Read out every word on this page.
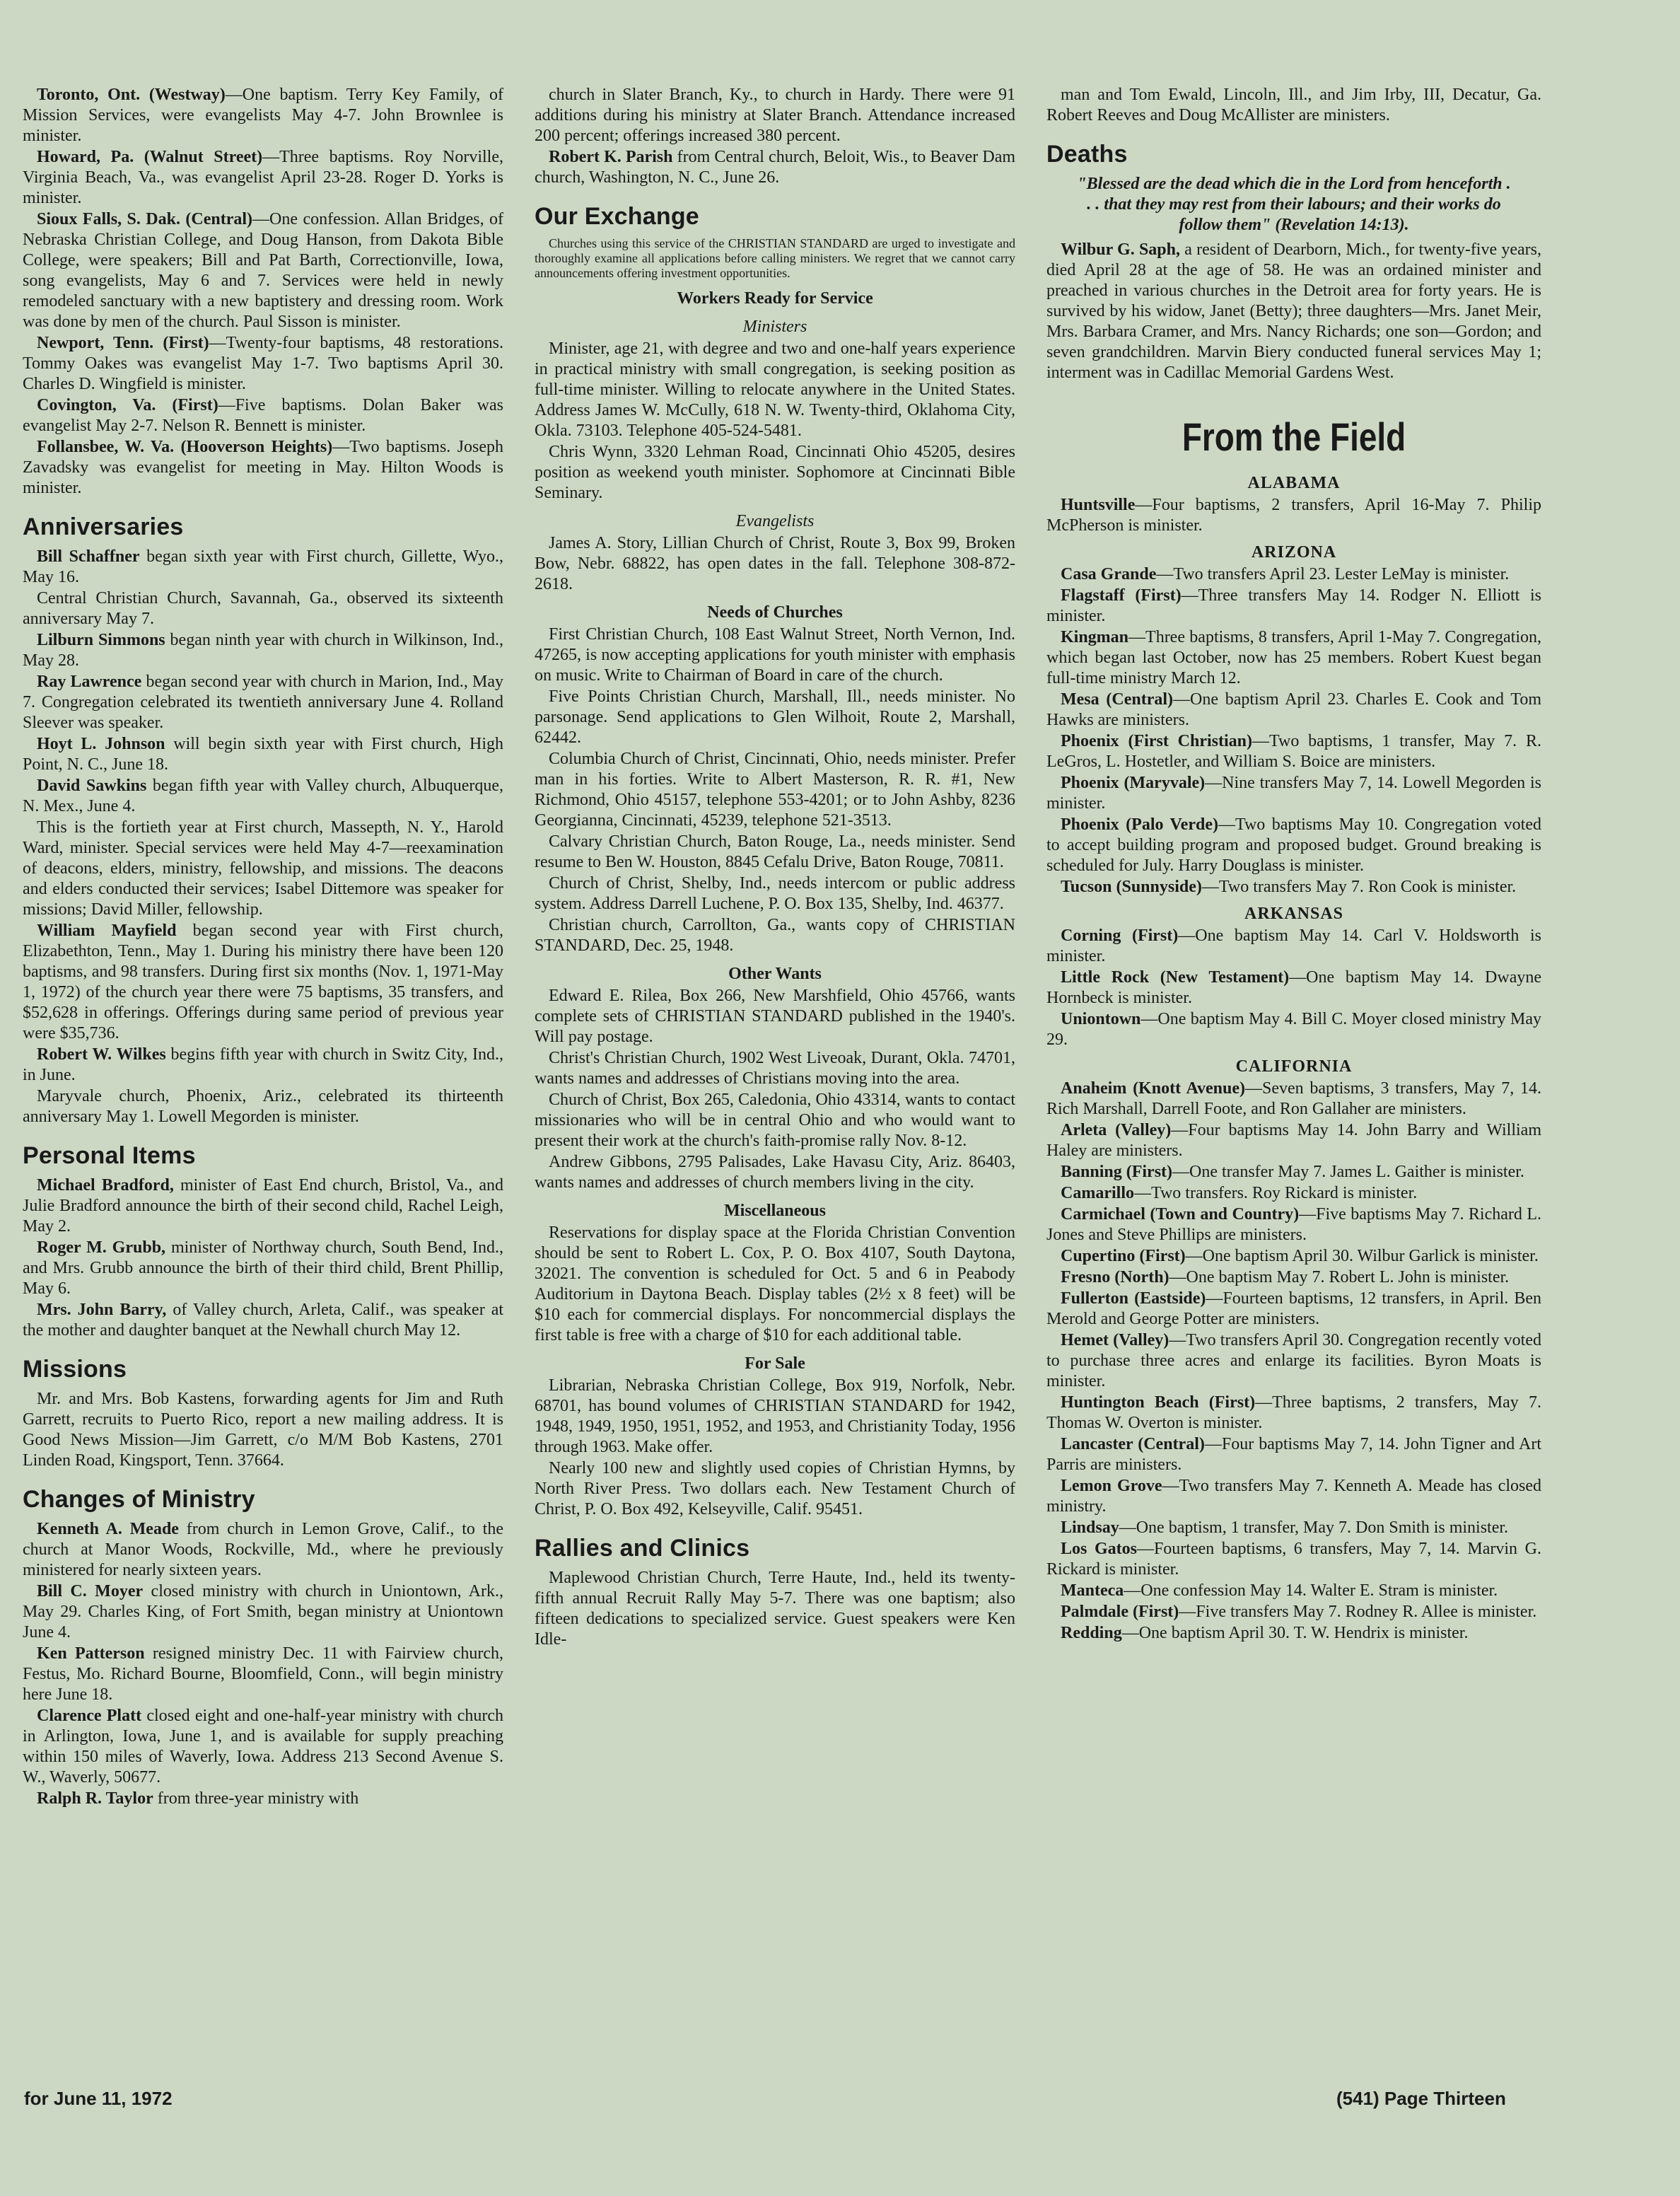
Toronto, Ont. (Westway)—One baptism. Terry Key Family, of Mission Services, were evangelists May 4-7. John Brownlee is minister.

Howard, Pa. (Walnut Street)—Three baptisms. Roy Norville, Virginia Beach, Va., was evangelist April 23-28. Roger D. Yorks is minister.

Sioux Falls, S. Dak. (Central)—One confession. Allan Bridges, of Nebraska Christian College, and Doug Hanson, from Dakota Bible College, were speakers; Bill and Pat Barth, Correctionville, Iowa, song evangelists, May 6 and 7. Services were held in newly remodeled sanctuary with a new baptistery and dressing room. Work was done by men of the church. Paul Sisson is minister.

Newport, Tenn. (First)—Twenty-four baptisms, 48 restorations. Tommy Oakes was evangelist May 1-7. Two baptisms April 30. Charles D. Wingfield is minister.

Covington, Va. (First)—Five baptisms. Dolan Baker was evangelist May 2-7. Nelson R. Bennett is minister.

Follansbee, W. Va. (Hooverson Heights)—Two baptisms. Joseph Zavadsky was evangelist for meeting in May. Hilton Woods is minister.

Anniversaries

Bill Schaffner began sixth year with First church, Gillette, Wyo., May 16.

Central Christian Church, Savannah, Ga., observed its sixteenth anniversary May 7.

Lilburn Simmons began ninth year with church in Wilkinson, Ind., May 28.

Ray Lawrence began second year with church in Marion, Ind., May 7. Congregation celebrated its twentieth anniversary June 4. Rolland Sleever was speaker.

Hoyt L. Johnson will begin sixth year with First church, High Point, N. C., June 18.

David Sawkins began fifth year with Valley church, Albuquerque, N. Mex., June 4.

This is the fortieth year at First church, Massepth, N. Y., Harold Ward, minister. Special services were held May 4-7—reexamination of deacons, elders, ministry, fellowship, and missions. The deacons and elders conducted their services; Isabel Dittemore was speaker for missions; David Miller, fellowship.

William Mayfield began second year with First church, Elizabethton, Tenn., May 1. During his ministry there have been 120 baptisms, and 98 transfers. During first six months (Nov. 1, 1971-May 1, 1972) of the church year there were 75 baptisms, 35 transfers, and $52,628 in offerings. Offerings during same period of previous year were $35,736.

Robert W. Wilkes begins fifth year with church in Switz City, Ind., in June.

Maryvale church, Phoenix, Ariz., celebrated its thirteenth anniversary May 1. Lowell Megorden is minister.

Personal Items

Michael Bradford, minister of East End church, Bristol, Va., and Julie Bradford announce the birth of their second child, Rachel Leigh, May 2.

Roger M. Grubb, minister of Northway church, South Bend, Ind., and Mrs. Grubb announce the birth of their third child, Brent Phillip, May 6.

Mrs. John Barry, of Valley church, Arleta, Calif., was speaker at the mother and daughter banquet at the Newhall church May 12.

Missions

Mr. and Mrs. Bob Kastens, forwarding agents for Jim and Ruth Garrett, recruits to Puerto Rico, report a new mailing address. It is Good News Mission—Jim Garrett, c/o M/M Bob Kastens, 2701 Linden Road, Kingsport, Tenn. 37664.

Changes of Ministry

Kenneth A. Meade from church in Lemon Grove, Calif., to the church at Manor Woods, Rockville, Md., where he previously ministered for nearly sixteen years.

Bill C. Moyer closed ministry with church in Uniontown, Ark., May 29. Charles King, of Fort Smith, began ministry at Uniontown June 4.

Ken Patterson resigned ministry Dec. 11 with Fairview church, Festus, Mo. Richard Bourne, Bloomfield, Conn., will begin ministry here June 18.

Clarence Platt closed eight and one-half-year ministry with church in Arlington, Iowa, June 1, and is available for supply preaching within 150 miles of Waverly, Iowa. Address 213 Second Avenue S. W., Waverly, 50677.

Ralph R. Taylor from three-year ministry with

church in Slater Branch, Ky., to church in Hardy. There were 91 additions during his ministry at Slater Branch. Attendance increased 200 percent; offerings increased 380 percent.

Robert K. Parish from Central church, Beloit, Wis., to Beaver Dam church, Washington, N. C., June 26.

Our Exchange

Churches using this service of the CHRISTIAN STANDARD are urged to investigate and thoroughly examine all applications before calling ministers. We regret that we cannot carry announcements offering investment opportunities.

Workers Ready for Service
Ministers

Minister, age 21, with degree and two and one-half years experience in practical ministry with small congregation, is seeking position as full-time minister. Willing to relocate anywhere in the United States. Address James W. McCully, 618 N. W. Twenty-third, Oklahoma City, Okla. 73103. Telephone 405-524-5481.

Chris Wynn, 3320 Lehman Road, Cincinnati Ohio 45205, desires position as weekend youth minister. Sophomore at Cincinnati Bible Seminary.

Evangelists

James A. Story, Lillian Church of Christ, Route 3, Box 99, Broken Bow, Nebr. 68822, has open dates in the fall. Telephone 308-872-2618.

Needs of Churches

First Christian Church, 108 East Walnut Street, North Vernon, Ind. 47265, is now accepting applications for youth minister with emphasis on music. Write to Chairman of Board in care of the church.

Five Points Christian Church, Marshall, Ill., needs minister. No parsonage. Send applications to Glen Wilhoit, Route 2, Marshall, 62442.

Columbia Church of Christ, Cincinnati, Ohio, needs minister. Prefer man in his forties. Write to Albert Masterson, R. R. #1, New Richmond, Ohio 45157, telephone 553-4201; or to John Ashby, 8236 Georgianna, Cincinnati, 45239, telephone 521-3513.

Calvary Christian Church, Baton Rouge, La., needs minister. Send resume to Ben W. Houston, 8845 Cefalu Drive, Baton Rouge, 70811.

Church of Christ, Shelby, Ind., needs intercom or public address system. Address Darrell Luchene, P. O. Box 135, Shelby, Ind. 46377.

Christian church, Carrollton, Ga., wants copy of CHRISTIAN STANDARD, Dec. 25, 1948.

Other Wants

Edward E. Rilea, Box 266, New Marshfield, Ohio 45766, wants complete sets of CHRISTIAN STANDARD published in the 1940's. Will pay postage.

Christ's Christian Church, 1902 West Liveoak, Durant, Okla. 74701, wants names and addresses of Christians moving into the area.

Church of Christ, Box 265, Caledonia, Ohio 43314, wants to contact missionaries who will be in central Ohio and who would want to present their work at the church's faith-promise rally Nov. 8-12.

Andrew Gibbons, 2795 Palisades, Lake Havasu City, Ariz. 86403, wants names and addresses of church members living in the city.

Miscellaneous

Reservations for display space at the Florida Christian Convention should be sent to Robert L. Cox, P. O. Box 4107, South Daytona, 32021. The convention is scheduled for Oct. 5 and 6 in Peabody Auditorium in Daytona Beach. Display tables (2½ x 8 feet) will be $10 each for commercial displays. For noncommercial displays the first table is free with a charge of $10 for each additional table.

For Sale

Librarian, Nebraska Christian College, Box 919, Norfolk, Nebr. 68701, has bound volumes of CHRISTIAN STANDARD for 1942, 1948, 1949, 1950, 1951, 1952, and 1953, and Christianity Today, 1956 through 1963. Make offer.

Nearly 100 new and slightly used copies of Christian Hymns, by North River Press. Two dollars each. New Testament Church of Christ, P. O. Box 492, Kelseyville, Calif. 95451.

Rallies and Clinics

Maplewood Christian Church, Terre Haute, Ind., held its twenty-fifth annual Recruit Rally May 5-7. There was one baptism; also fifteen dedications to specialized service. Guest speakers were Ken Idle-

man and Tom Ewald, Lincoln, Ill., and Jim Irby, III, Decatur, Ga. Robert Reeves and Doug McAllister are ministers.

Deaths

"Blessed are the dead which die in the Lord from henceforth . . . that they may rest from their labours; and their works do follow them" (Revelation 14:13).

Wilbur G. Saph, a resident of Dearborn, Mich., for twenty-five years, died April 28 at the age of 58. He was an ordained minister and preached in various churches in the Detroit area for forty years. He is survived by his widow, Janet (Betty); three daughters—Mrs. Janet Meir, Mrs. Barbara Cramer, and Mrs. Nancy Richards; one son—Gordon; and seven grandchildren. Marvin Biery conducted funeral services May 1; interment was in Cadillac Memorial Gardens West.

From the Field
ALABAMA

Huntsville—Four baptisms, 2 transfers, April 16-May 7. Philip McPherson is minister.

ARIZONA

Casa Grande—Two transfers April 23. Lester LeMay is minister.

Flagstaff (First)—Three transfers May 14. Rodger N. Elliott is minister.

Kingman—Three baptisms, 8 transfers, April 1-May 7. Congregation, which began last October, now has 25 members. Robert Kuest began full-time ministry March 12.

Mesa (Central)—One baptism April 23. Charles E. Cook and Tom Hawks are ministers.

Phoenix (First Christian)—Two baptisms, 1 transfer, May 7. R. LeGros, L. Hostetler, and William S. Boice are ministers.

Phoenix (Maryvale)—Nine transfers May 7, 14. Lowell Megorden is minister.

Phoenix (Palo Verde)—Two baptisms May 10. Congregation voted to accept building program and proposed budget. Ground breaking is scheduled for July. Harry Douglass is minister.

Tucson (Sunnyside)—Two transfers May 7. Ron Cook is minister.

ARKANSAS

Corning (First)—One baptism May 14. Carl V. Holdsworth is minister.

Little Rock (New Testament)—One baptism May 14. Dwayne Hornbeck is minister.

Uniontown—One baptism May 4. Bill C. Moyer closed ministry May 29.

CALIFORNIA

Anaheim (Knott Avenue)—Seven baptisms, 3 transfers, May 7, 14. Rich Marshall, Darrell Foote, and Ron Gallaher are ministers.

Arleta (Valley)—Four baptisms May 14. John Barry and William Haley are ministers.

Banning (First)—One transfer May 7. James L. Gaither is minister.

Camarillo—Two transfers. Roy Rickard is minister.

Carmichael (Town and Country)—Five baptisms May 7. Richard L. Jones and Steve Phillips are ministers.

Cupertino (First)—One baptism April 30. Wilbur Garlick is minister.

Fresno (North)—One baptism May 7. Robert L. John is minister.

Fullerton (Eastside)—Fourteen baptisms, 12 transfers, in April. Ben Merold and George Potter are ministers.

Hemet (Valley)—Two transfers April 30. Congregation recently voted to purchase three acres and enlarge its facilities. Byron Moats is minister.

Huntington Beach (First)—Three baptisms, 2 transfers, May 7. Thomas W. Overton is minister.

Lancaster (Central)—Four baptisms May 7, 14. John Tigner and Art Parris are ministers.

Lemon Grove—Two transfers May 7. Kenneth A. Meade has closed ministry.

Lindsay—One baptism, 1 transfer, May 7. Don Smith is minister.

Los Gatos—Fourteen baptisms, 6 transfers, May 7, 14. Marvin G. Rickard is minister.

Manteca—One confession May 14. Walter E. Stram is minister.

Palmdale (First)—Five transfers May 7. Rodney R. Allee is minister.

Redding—One baptism April 30. T. W. Hendrix is minister.

for June 11, 1972	(541) Page Thirteen
